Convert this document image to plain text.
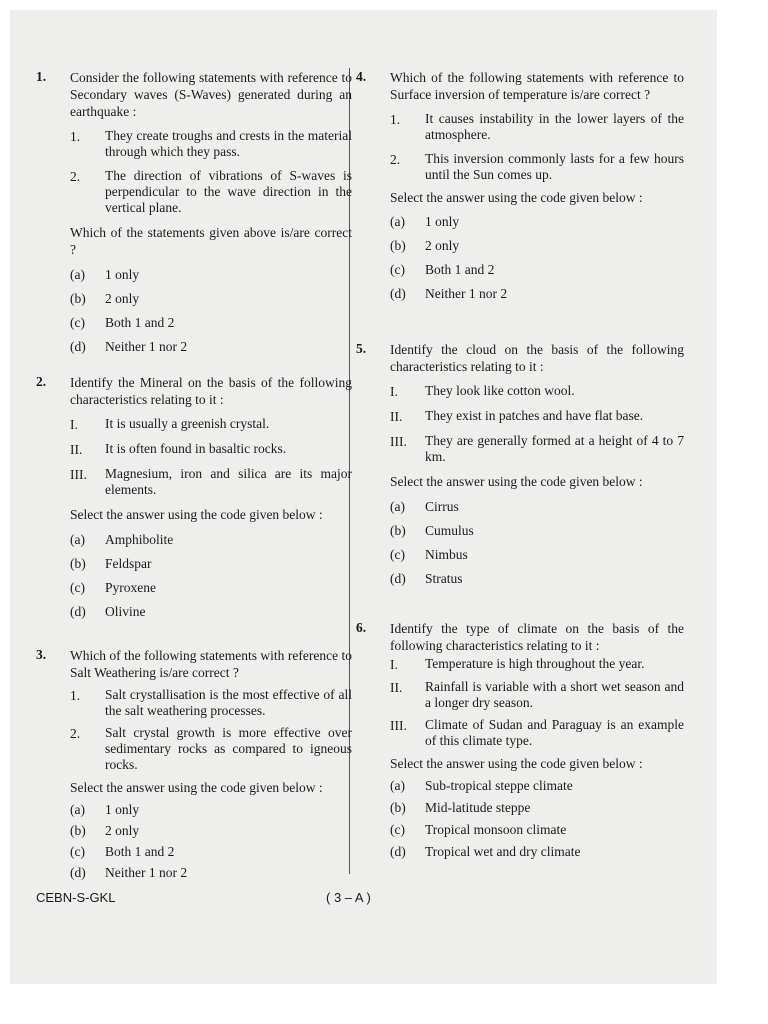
1.	Consider the following statements with reference to Secondary waves (S-Waves) generated during an earthquake :
1.	They create troughs and crests in the material through which they pass.
2.	The direction of vibrations of S-waves is perpendicular to the wave direction in the vertical plane.
Which of the statements given above is/are correct ?
(a)	1 only
(b)	2 only
(c)	Both 1 and 2
(d)	Neither 1 nor 2
2.	Identify the Mineral on the basis of the following characteristics relating to it :
I.	It is usually a greenish crystal.
II.	It is often found in basaltic rocks.
III.	Magnesium, iron and silica are its major elements.
Select the answer using the code given below :
(a)	Amphibolite
(b)	Feldspar
(c)	Pyroxene
(d)	Olivine
3.	Which of the following statements with reference to Salt Weathering is/are correct ?
1.	Salt crystallisation is the most effective of all the salt weathering processes.
2.	Salt crystal growth is more effective over sedimentary rocks as compared to igneous rocks.
Select the answer using the code given below :
(a)	1 only
(b)	2 only
(c)	Both 1 and 2
(d)	Neither 1 nor 2
4.	Which of the following statements with reference to Surface inversion of temperature is/are correct ?
1.	It causes instability in the lower layers of the atmosphere.
2.	This inversion commonly lasts for a few hours until the Sun comes up.
Select the answer using the code given below :
(a)	1 only
(b)	2 only
(c)	Both 1 and 2
(d)	Neither 1 nor 2
5.	Identify the cloud on the basis of the following characteristics relating to it :
I.	They look like cotton wool.
II.	They exist in patches and have flat base.
III.	They are generally formed at a height of 4 to 7 km.
Select the answer using the code given below :
(a)	Cirrus
(b)	Cumulus
(c)	Nimbus
(d)	Stratus
6.	Identify the type of climate on the basis of the following characteristics relating to it :
I.	Temperature is high throughout the year.
II.	Rainfall is variable with a short wet season and a longer dry season.
III.	Climate of Sudan and Paraguay is an example of this climate type.
Select the answer using the code given below :
(a)	Sub-tropical steppe climate
(b)	Mid-latitude steppe
(c)	Tropical monsoon climate
(d)	Tropical wet and dry climate
CEBN-S-GKL	( 3 – A )
